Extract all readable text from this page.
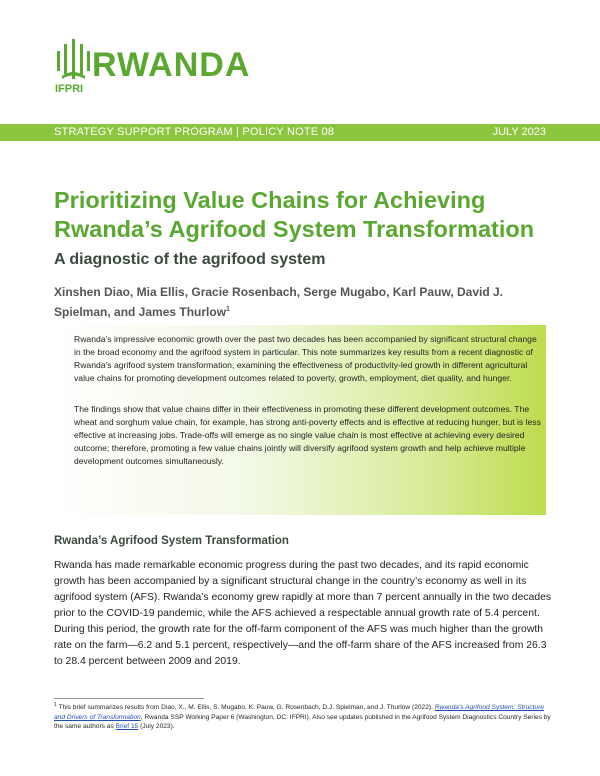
IFPRI
RWANDA
STRATEGY SUPPORT PROGRAM | POLICY NOTE 08	JULY 2023
Prioritizing Value Chains for Achieving Rwanda’s Agrifood System Transformation
A diagnostic of the agrifood system
Xinshen Diao, Mia Ellis, Gracie Rosenbach, Serge Mugabo, Karl Pauw, David J. Spielman, and James Thurlow$^1$

Rwanda’s impressive economic growth over the past two decades has been accompanied by significant structural change in the broad economy and the agrifood system in particular. This note summarizes key results from a recent diagnostic of Rwanda’s agrifood system transformation, examining the effectiveness of productivity-led growth in different agricultural value chains for promoting development outcomes related to poverty, growth, employment, diet quality, and hunger.

The findings show that value chains differ in their effectiveness in promoting these different development outcomes. The wheat and sorghum value chain, for example, has strong anti-poverty effects and is effective at reducing hunger, but is less effective at increasing jobs. Trade-offs will emerge as no single value chain is most effective at achieving every desired outcome; therefore, promoting a few value chains jointly will diversify agrifood system growth and help achieve multiple development outcomes simultaneously.

Rwanda’s Agrifood System Transformation

Rwanda has made remarkable economic progress during the past two decades, and its rapid economic growth has been accompanied by a significant structural change in the country’s economy as well in its agrifood system (AFS). Rwanda’s economy grew rapidly at more than 7 percent annually in the two decades prior to the COVID-19 pandemic, while the AFS achieved a respectable annual growth rate of 5.4 percent. During this period, the growth rate for the off-farm component of the AFS was much higher than the growth rate on the farm—6.2 and 5.1 percent, respectively—and the off-farm share of the AFS increased from 26.3 to 28.4 percent between 2009 and 2019.

$^1$ This brief summarizes results from Diao, X., M. Ellis, S. Mugabo, K. Pauw, G. Rosenbach, D.J. Spielman, and J. Thurlow (2022). Rwanda’s Agrifood System: Structure and Drivers of Transformation, Rwanda SSP Working Paper 6 (Washington, DC: IFPRI). Also see updates published in the Agrifood System Diagnostics Country Series by the same authors as Brief 15 (July 2023).
